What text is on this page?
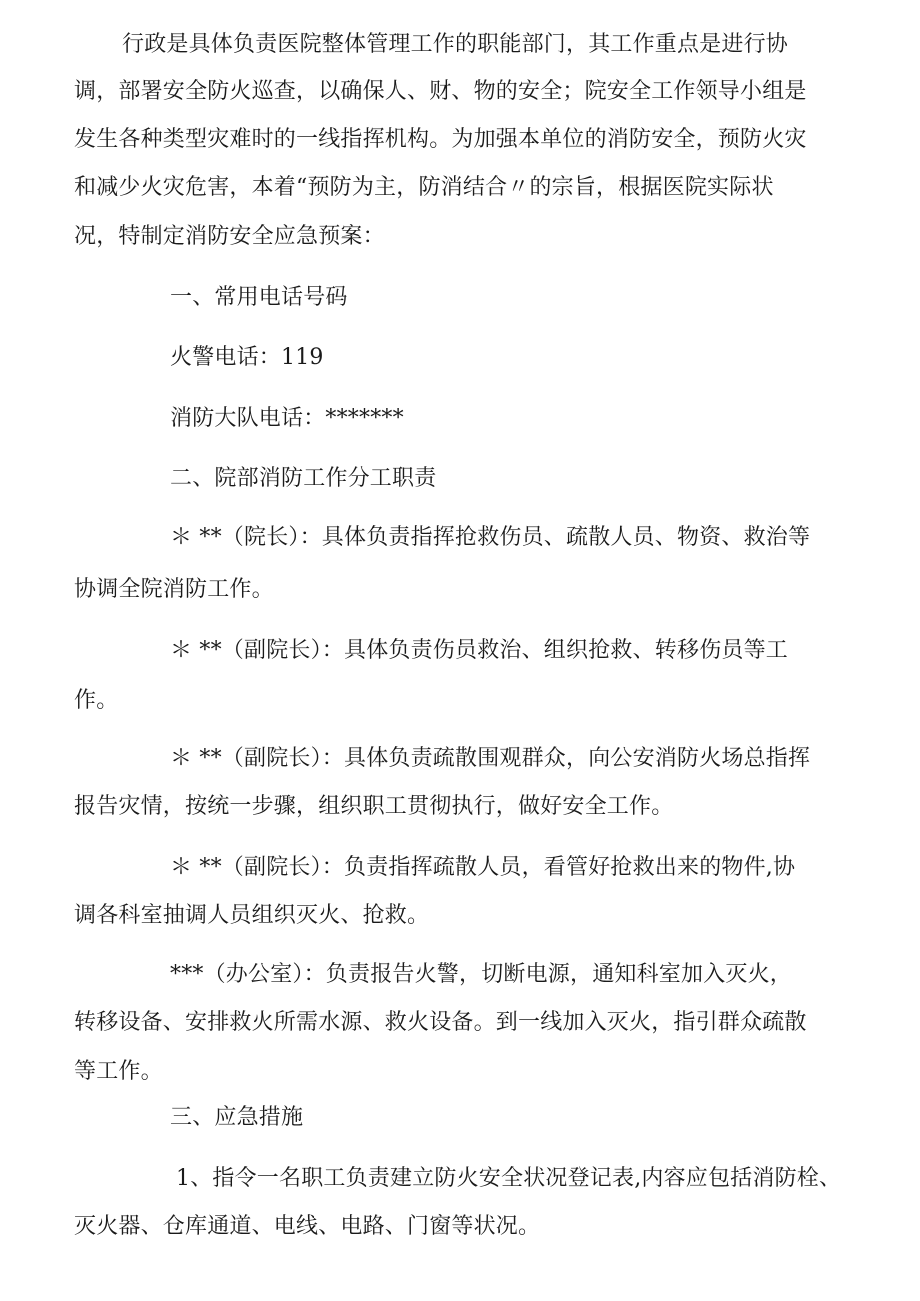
行政是具体负责医院整体管理工作的职能部门，其工作重点是进行协
调，部署安全防火巡查，以确保人、财、物的安全；院安全工作领导小组是
发生各种类型灾难时的一线指挥机构。为加强本单位的消防安全，预防火灾
和减少火灾危害，本着“预防为主，防消结合〃的宗旨，根据医院实际状
况，特制定消防安全应急预案：
一、常用电话号码
火警电话：119
消防大队电话：*******
二、院部消防工作分工职责
＊ **（院长）：具体负责指挥抢救伤员、疏散人员、物资、救治等
协调全院消防工作。
＊ **（副院长）：具体负责伤员救治、组织抢救、转移伤员等工
作。
＊ **（副院长）：具体负责疏散围观群众，向公安消防火场总指挥
报告灾情，按统一步骤，组织职工贯彻执行，做好安全工作。
＊ **（副院长）：负责指挥疏散人员，看管好抢救出来的物件,协
调各科室抽调人员组织灭火、抢救。
***（办公室）：负责报告火警，切断电源，通知科室加入灭火，
转移设备、安排救火所需水源、救火设备。到一线加入灭火，指引群众疏散
等工作。
三、应急措施
1、指令一名职工负责建立防火安全状况登记表,内容应包括消防栓、
灭火器、仓库通道、电线、电路、门窗等状况。
